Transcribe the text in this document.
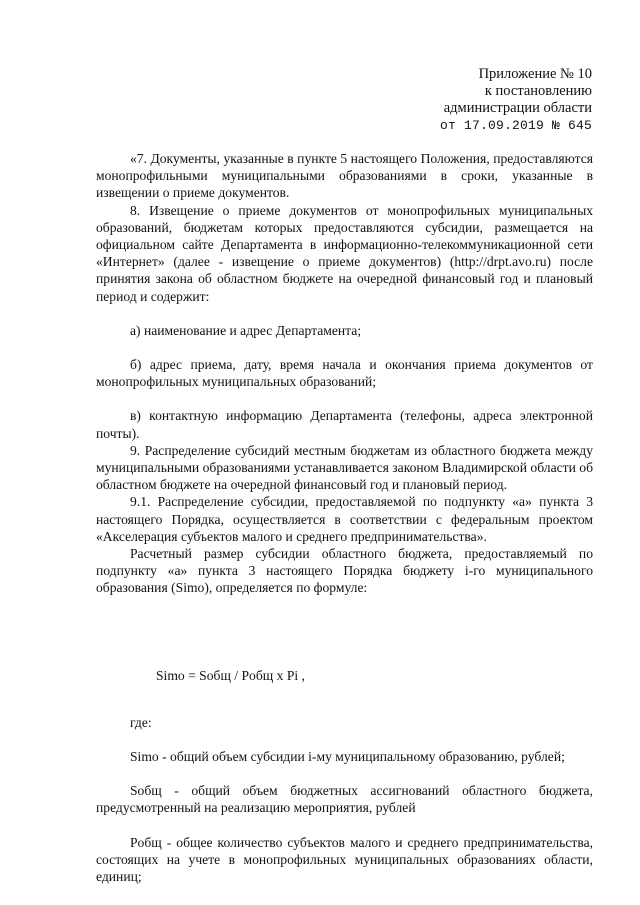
Приложение № 10
к постановлению
администрации области
от 17.09.2019 № 645

«7. Документы, указанные в пункте 5 настоящего Положения, предоставляются монопрофильными муниципальными образованиями в сроки, указанные в извещении о приеме документов.

8. Извещение о приеме документов от монопрофильных муниципальных образований, бюджетам которых предоставляются субсидии, размещается на официальном сайте Департамента в информационно-телекоммуникационной сети «Интернет» (далее - извещение о приеме документов) (http://drpt.avo.ru) после принятия закона об областном бюджете на очередной финансовый год и плановый период и содержит:

а) наименование и адрес Департамента;

б) адрес приема, дату, время начала и окончания приема документов от монопрофильных муниципальных образований;

в) контактную информацию Департамента (телефоны, адреса электронной почты).

9. Распределение субсидий местным бюджетам из областного бюджета между муниципальными образованиями устанавливается законом Владимирской области об областном бюджете на очередной финансовый год и плановый период.

9.1. Распределение субсидии, предоставляемой по подпункту «а» пункта 3 настоящего Порядка, осуществляется в соответствии с федеральным проектом «Акселерация субъектов малого и среднего предпринимательства».

Расчетный размер субсидии областного бюджета, предоставляемый по подпункту «а» пункта 3 настоящего Порядка бюджету i-го муниципального образования (Simo), определяется по формуле:

Simo = Sобщ / Pобщ x Pi ,

где:

Simo - общий объем субсидии i-му муниципальному образованию, рублей;

Sобщ - общий объем бюджетных ассигнований областного бюджета, предусмотренный на реализацию мероприятия, рублей

Pобщ - общее количество субъектов малого и среднего предпринимательства, состоящих на учете в монопрофильных муниципальных образованиях области, единиц;
